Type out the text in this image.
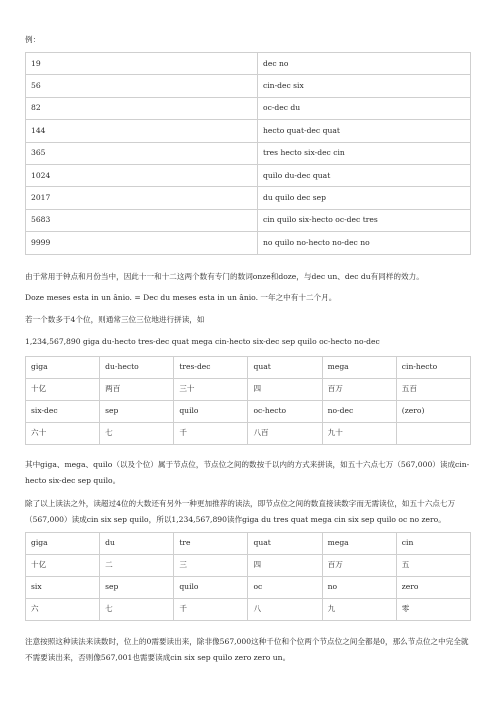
例：

19	dec no
56	cin-dec six
82	oc-dec du
144	hecto quat-dec quat
365	tres hecto six-dec cin
1024	quilo du-dec quat
2017	du quilo dec sep
5683	cin quilo six-hecto oc-dec tres
9999	no quilo no-hecto no-dec no

由于常用于钟点和月份当中，因此十一和十二这两个数有专门的数词onze和doze，与dec un、dec du有同样的效力。

Doze meses esta in un ânio. = Dec du meses esta in un ânio. 一年之中有十二个月。

若一个数多于4个位，则通常三位三位地进行拼读，如

1,234,567,890 giga du-hecto tres-dec quat mega cin-hecto six-dec sep quilo oc-hecto no-dec

giga	du-hecto	tres-dec	quat	mega	cin-hecto
十亿	两百	三十	四	百万	五百
six-dec	sep	quilo	oc-hecto	no-dec	(zero)
六十	七	千	八百	九十	

其中giga、mega、quilo（以及个位）属于节点位，节点位之间的数按千以内的方式来拼读，如五十六点七万（567,000）读成cin-hecto six-dec sep quilo。

除了以上读法之外，读超过4位的大数还有另外一种更加推荐的读法，即节点位之间的数直接读数字而无需读位，如五十六点七万（567,000）读成cin six sep quilo，所以1,234,567,890读作giga du tres quat mega cin six sep quilo oc no zero。

giga	du	tre	quat	mega	cin
十亿	二	三	四	百万	五
six	sep	quilo	oc	no	zero
六	七	千	八	九	零

注意按照这种读法来读数时，位上的0需要读出来，除非像567,000这种千位和个位两个节点位之间全都是0，那么节点位之中完全就不需要读出来，否则像567,001也需要读成cin six sep quilo zero zero un。
